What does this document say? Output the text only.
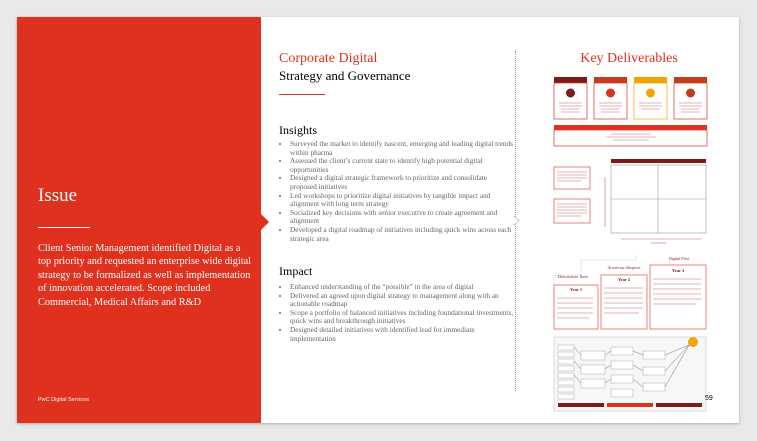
Issue
Client Senior Management identified Digital as a top priority and requested an enterprise wide digital strategy to be formalized as well as implementation of innovation accelerated. Scope included Commercial, Medical Affairs and R&D
PwC Digital Services
Corporate Digital
Strategy and Governance
Insights
• Surveyed the market to identify nascent, emerging and leading digital trends within pharma
• Assessed the client’s current state to identify high potential digital opportunities
• Designed a digital strategic framework to prioritize and consolidate proposed initiatives
• Led workshops to prioritize digital initiatives by tangible impact and alignment with long term strategy
• Socialized key decisions with senior executive to create agreement and alignment
• Developed a digital roadmap of initiatives including quick wins across each strategic area
Impact
• Enhanced understanding of the “possible” in the area of digital
• Delivered an agreed upon digital strategy to management along with an actionable roadmap
• Scope a portfolio of balanced initiatives including foundational investments, quick wins and breakthrough initiatives
• Designed detailed initiatives with identified lead for immediate implementation
Key Deliverables
Demonstrate Value
Accelerate Adoption
Digital First
Year 1
Year 2
Year 3
59
